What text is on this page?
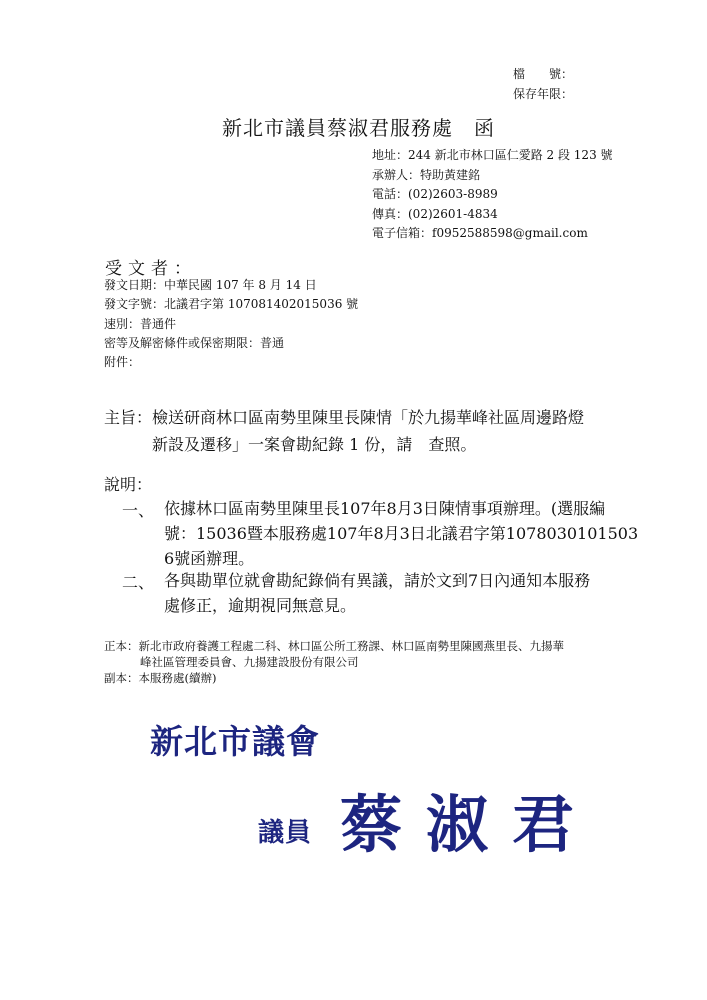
檔　　號：
保存年限：
新北市議員蔡淑君服務處　函
地址：244 新北市林口區仁愛路 2 段 123 號
承辦人：特助黃建銘
電話：(02)2603-8989
傳真：(02)2601-4834
電子信箱：f0952588598@gmail.com
受文者：
發文日期：中華民國 107 年 8 月 14 日
發文字號：北議君字第 107081402015036 號
速別：普通件
密等及解密條件或保密期限：普通
附件：
主旨： 檢送研商林口區南勢里陳里長陳情「於九揚華峰社區周邊路燈
新設及遷移」一案會勘紀錄 1 份，請　查照。
說明：
一、 依據林口區南勢里陳里長107年8月3日陳情事項辦理。(選服編
號：15036暨本服務處107年8月3日北議君字第1078030101503
6號函辦理。
二、 各與勘單位就會勘紀錄倘有異議，請於文到7日內通知本服務
處修正，逾期視同無意見。
正本：新北市政府養護工程處二科、林口區公所工務課、林口區南勢里陳國燕里長、九揚華
峰社區管理委員會、九揚建設股份有限公司
副本：本服務處(續辦)
新北市議會
議員 蔡淑君
